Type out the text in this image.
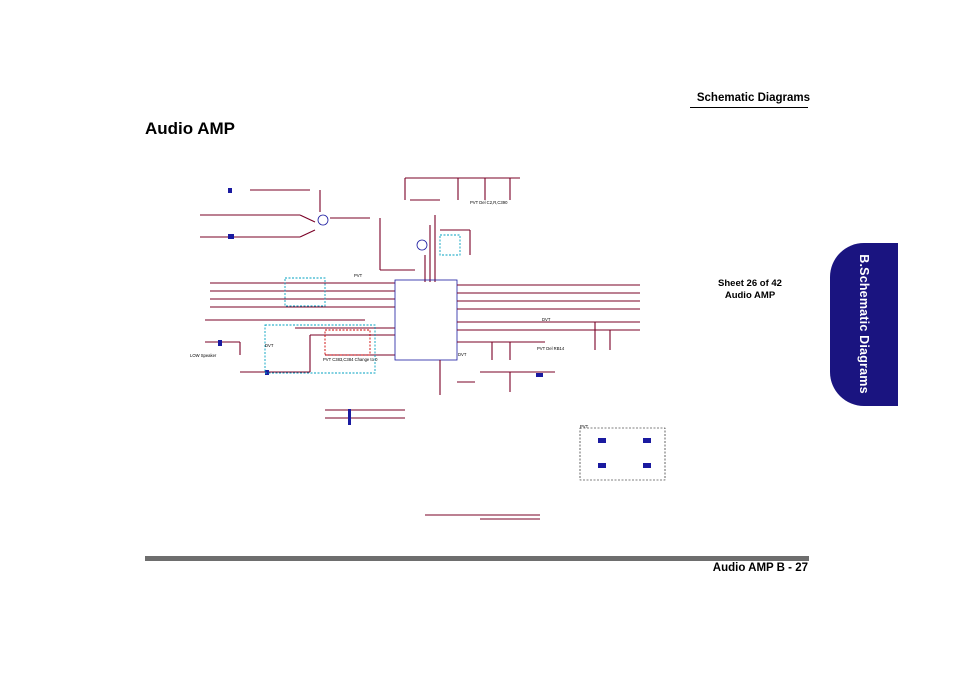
Schematic Diagrams
Audio AMP
Sheet 26 of 42
Audio AMP	B.Schematic Diagrams
PVT Del C2,R,C390
PVT Del RB14
PVT C383,C384 Change to 0
LOW Speaker
DVT
DVT
DVT
PVT
PVT
Audio AMP B - 27
